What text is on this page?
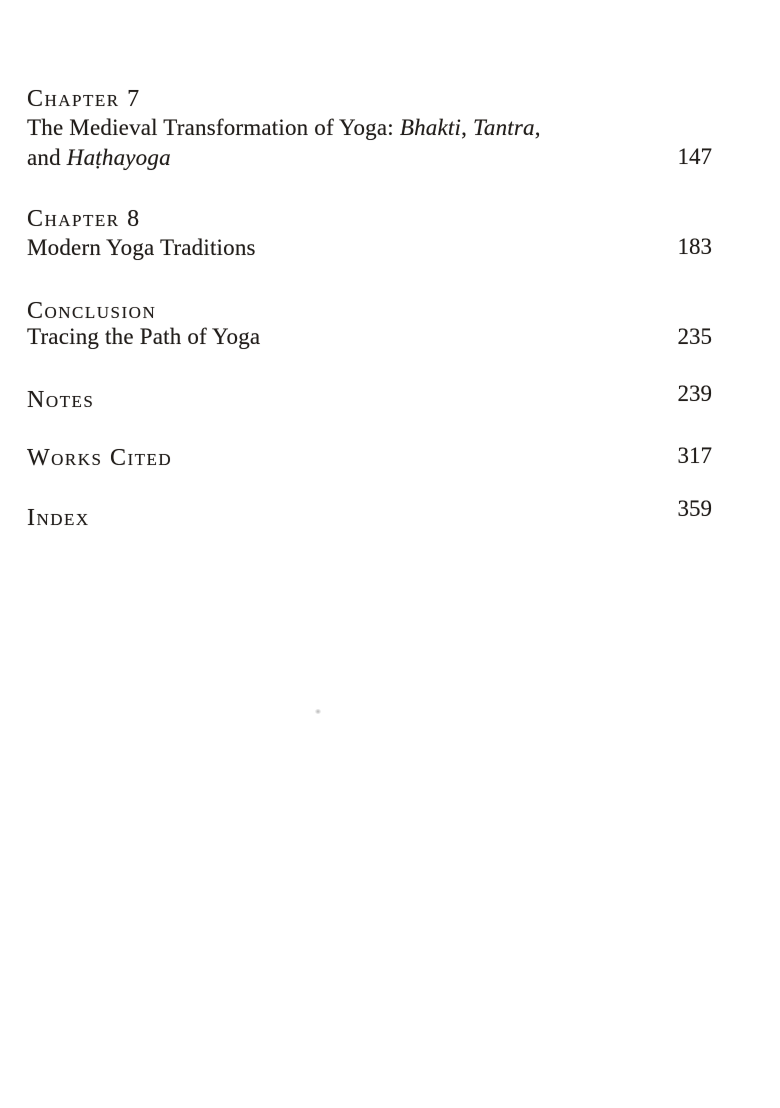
Chapter 7
The Medieval Transformation of Yoga: Bhakti, Tantra,
and Haṭhayoga	147
Chapter 8
Modern Yoga Traditions	183
Conclusion
Tracing the Path of Yoga	235
Notes	239
Works Cited	317
Index	359
